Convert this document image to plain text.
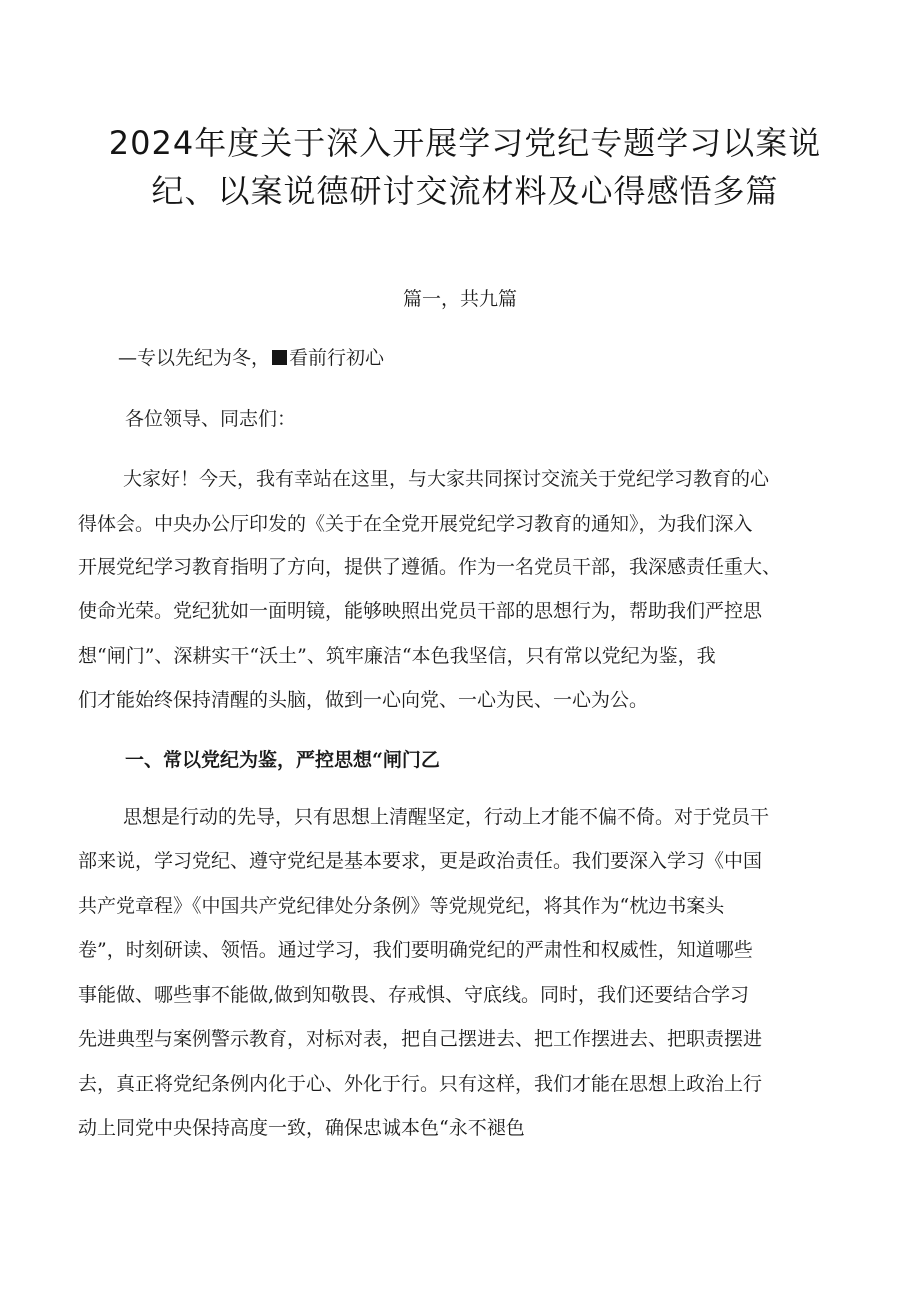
2024年度关于深入开展学习党纪专题学习以案说
纪、以案说德研讨交流材料及心得感悟多篇
篇一，共九篇
—专以先纪为冬， 看前行初心
各位领导、同志们：
大家好！今天，我有幸站在这里，与大家共同探讨交流关于党纪学习教育的心
得体会。中央办公厅印发的《关于在全党开展党纪学习教育的通知》，为我们深入
开展党纪学习教育指明了方向，提供了遵循。作为一名党员干部，我深感责任重大、
使命光荣。党纪犹如一面明镜，能够映照出党员干部的思想行为，帮助我们严控思
想“闸门”、深耕实干“沃土”、筑牢廉洁“本色我坚信，只有常以党纪为鉴，我
们才能始终保持清醒的头脑，做到一心向党、一心为民、一心为公。
一、常以党纪为鉴，严控思想“闸门乙
思想是行动的先导，只有思想上清醒坚定，行动上才能不偏不倚。对于党员干
部来说，学习党纪、遵守党纪是基本要求，更是政治责任。我们要深入学习《中国
共产党章程》《中国共产党纪律处分条例》等党规党纪，将其作为“枕边书案头
卷”，时刻研读、领悟。通过学习，我们要明确党纪的严肃性和权威性，知道哪些
事能做、哪些事不能做,做到知敬畏、存戒惧、守底线。同时，我们还要结合学习
先进典型与案例警示教育，对标对表，把自己摆进去、把工作摆进去、把职责摆进
去，真正将党纪条例内化于心、外化于行。只有这样，我们才能在思想上政治上行
动上同党中央保持高度一致，确保忠诚本色“永不褪色
